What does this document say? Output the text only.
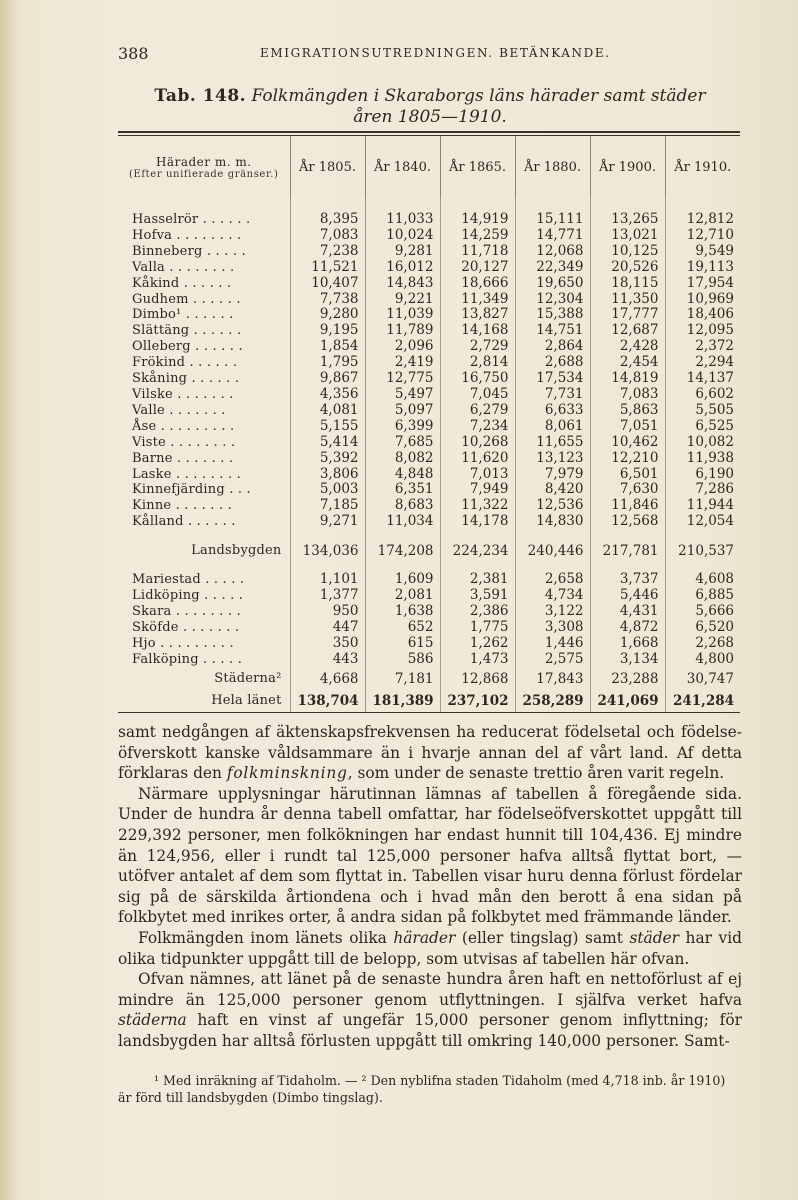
388	EMIGRATIONSUTREDNINGEN. BETÄNKANDE.
Tab. 148. Folkmängden i Skaraborgs läns härader samt städer
åren 1805—1910.
Härader m. m.
(Efter unifierade gränser.)	År 1805.	År 1840.	År 1865.	År 1880.	År 1900.	År 1910.

Hasselrör . . . . . .	8,395	11,033	14,919	15,111	13,265	12,812
Hofva . . . . . . . .	7,083	10,024	14,259	14,771	13,021	12,710
Binneberg . . . . .	7,238	9,281	11,718	12,068	10,125	9,549
Valla . . . . . . . .	11,521	16,012	20,127	22,349	20,526	19,113
Kåkind . . . . . .	10,407	14,843	18,666	19,650	18,115	17,954
Gudhem . . . . . .	7,738	9,221	11,349	12,304	11,350	10,969
Dimbo¹ . . . . . .	9,280	11,039	13,827	15,388	17,777	18,406
Slättäng . . . . . .	9,195	11,789	14,168	14,751	12,687	12,095
Olleberg . . . . . .	1,854	2,096	2,729	2,864	2,428	2,372
Frökind . . . . . .	1,795	2,419	2,814	2,688	2,454	2,294
Skåning . . . . . .	9,867	12,775	16,750	17,534	14,819	14,137
Vilske . . . . . . .	4,356	5,497	7,045	7,731	7,083	6,602
Valle . . . . . . .	4,081	5,097	6,279	6,633	5,863	5,505
Åse . . . . . . . . .	5,155	6,399	7,234	8,061	7,051	6,525
Viste . . . . . . . .	5,414	7,685	10,268	11,655	10,462	10,082
Barne . . . . . . .	5,392	8,082	11,620	13,123	12,210	11,938
Laske . . . . . . . .	3,806	4,848	7,013	7,979	6,501	6,190
Kinnefjärding . . .	5,003	6,351	7,949	8,420	7,630	7,286
Kinne . . . . . . .	7,185	8,683	11,322	12,536	11,846	11,944
Kålland . . . . . .	9,271	11,034	14,178	14,830	12,568	12,054

Landsbygden	134,036	174,208	224,234	240,446	217,781	210,537

Mariestad . . . . .	1,101	1,609	2,381	2,658	3,737	4,608
Lidköping . . . . .	1,377	2,081	3,591	4,734	5,446	6,885
Skara . . . . . . . .	950	1,638	2,386	3,122	4,431	5,666
Sköfde . . . . . . .	447	652	1,775	3,308	4,872	6,520
Hjo . . . . . . . . .	350	615	1,262	1,446	1,668	2,268
Falköping . . . . .	443	586	1,473	2,575	3,134	4,800
Städerna²	4,668	7,181	12,868	17,843	23,288	30,747
Hela länet	138,704	181,389	237,102	258,289	241,069	241,284

samt nedgången af äktenskapsfrekvensen ha reducerat födelsetal och födelseöfverskott kanske våldsammare än i hvarje annan del af vårt land. Af detta förklaras den folkminskning, som under de senaste trettio åren varit regeln.

Närmare upplysningar härutinnan lämnas af tabellen å föregående sida. Under de hundra år denna tabell omfattar, har födelseöfverskottet uppgått till 229,392 personer, men folkökningen har endast hunnit till 104,436. Ej mindre än 124,956, eller i rundt tal 125,000 personer hafva alltså flyttat bort, — utöfver antalet af dem som flyttat in. Tabellen visar huru denna förlust fördelar sig på de särskilda årtiondena och i hvad mån den berott å ena sidan på folkbytet med inrikes orter, å andra sidan på folkbytet med främmande länder.

Folkmängden inom länets olika härader (eller tingslag) samt städer har vid olika tidpunkter uppgått till de belopp, som utvisas af tabellen här ofvan.

Ofvan nämnes, att länet på de senaste hundra åren haft en nettoförlust af ej mindre än 125,000 personer genom utflyttningen. I själfva verket hafva städerna haft en vinst af ungefär 15,000 personer genom inflyttning; för landsbygden har alltså förlusten uppgått till omkring 140,000 personer. Samt-

¹ Med inräkning af Tidaholm. — ² Den nyblifna staden Tidaholm (med 4,718 inb. år 1910) är förd till landsbygden (Dimbo tingslag).
